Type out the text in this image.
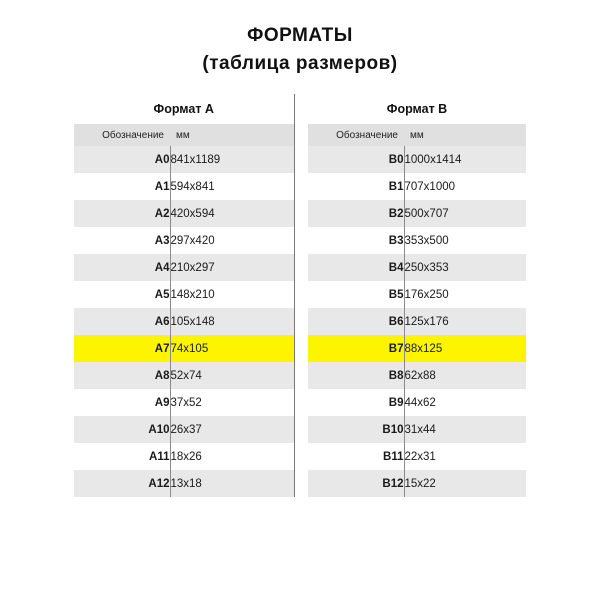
ФОРМАТЫ
(таблица размеров)
Формат А			Формат В	
Обозначение	мм		Обозначение	мм
A0	841x1189		B0	1000x1414
A1	594x841		B1	707x1000
A2	420x594		B2	500x707
A3	297x420		B3	353x500
A4	210x297		B4	250x353
A5	148x210		B5	176x250
A6	105x148		B6	125x176
A7	74x105		B7	88x125
A8	52x74		B8	62x88
A9	37x52		B9	44x62
A10	26x37		B10	31x44
A11	18x26		B11	22x31
A12	13x18		B12	15x22
